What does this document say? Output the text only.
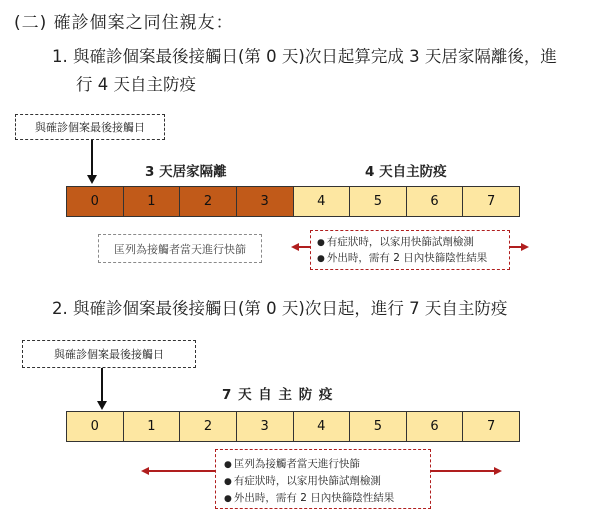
(二) 確診個案之同住親友：
1. 與確診個案最後接觸日(第 0 天)次日起算完成 3 天居家隔離後，進
行 4 天自主防疫
與確診個案最後接觸日
3 天居家隔離	4 天自主防疫
0	1	2	3	4	5	6	7
匡列為接觸者當天進行快篩
● 有症狀時，以家用快篩試劑檢測
● 外出時，需有 2 日內快篩陰性結果
2. 與確診個案最後接觸日(第 0 天)次日起，進行 7 天自主防疫
與確診個案最後接觸日
7 天 自 主 防 疫
0	1	2	3	4	5	6	7
● 匡列為接觸者當天進行快篩
● 有症狀時，以家用快篩試劑檢測
● 外出時，需有 2 日內快篩陰性結果
